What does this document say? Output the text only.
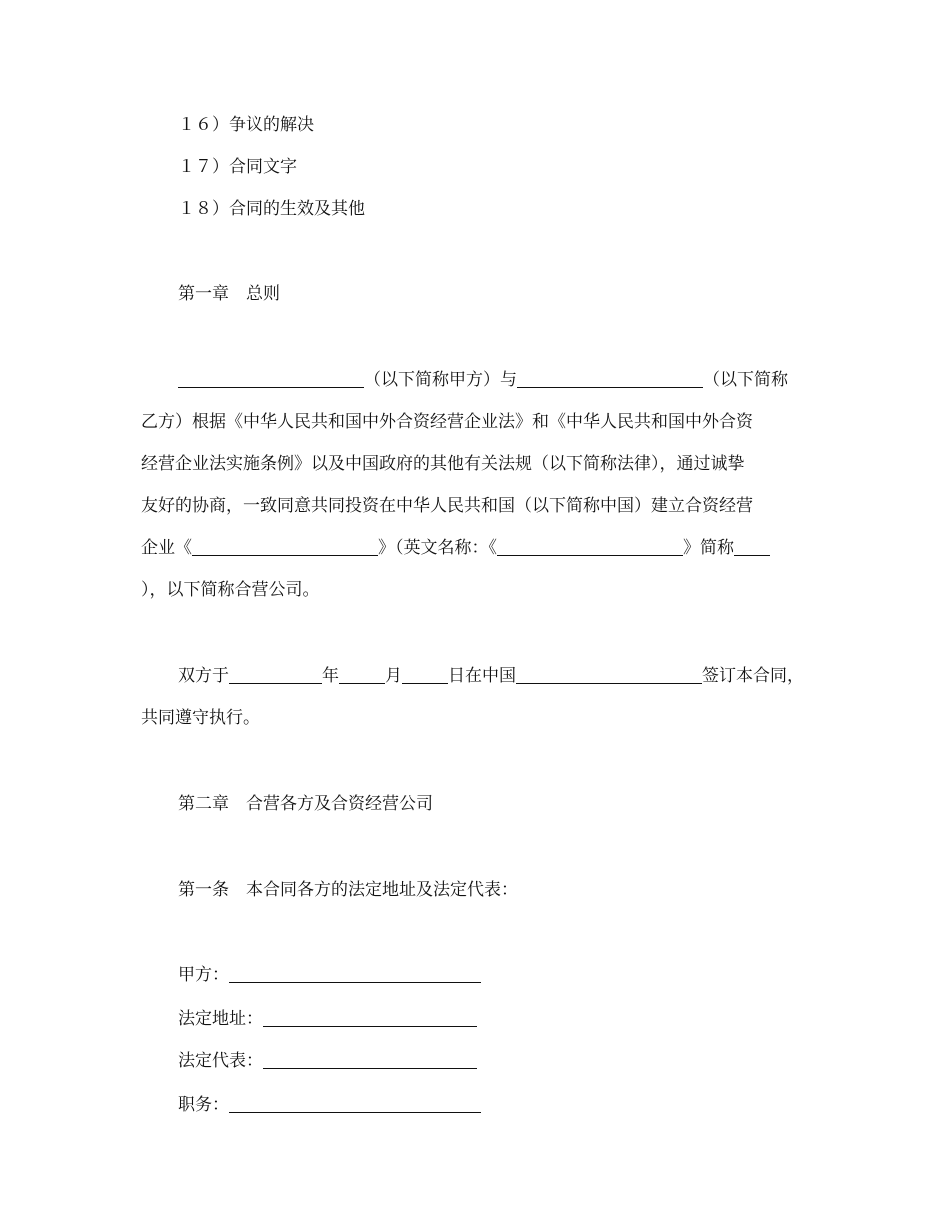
１６）争议的解决
１７）合同文字
１８）合同的生效及其他
第一章　总则
（以下简称甲方）与	（以下简称
乙方）根据《中华人民共和国中外合资经营企业法》和《中华人民共和国中外合资
经营企业法实施条例》以及中国政府的其他有关法规（以下简称法律），通过诚挚
友好的协商，一致同意共同投资在中华人民共和国（以下简称中国）建立合资经营
企业《	》（英文名称：《	》简称
），以下简称合营公司。
双方于	年	月	日在中国	签订本合同，
共同遵守执行。
第二章　合营各方及合资经营公司
第一条　本合同各方的法定地址及法定代表：
甲方：
法定地址：
法定代表：
职务：
